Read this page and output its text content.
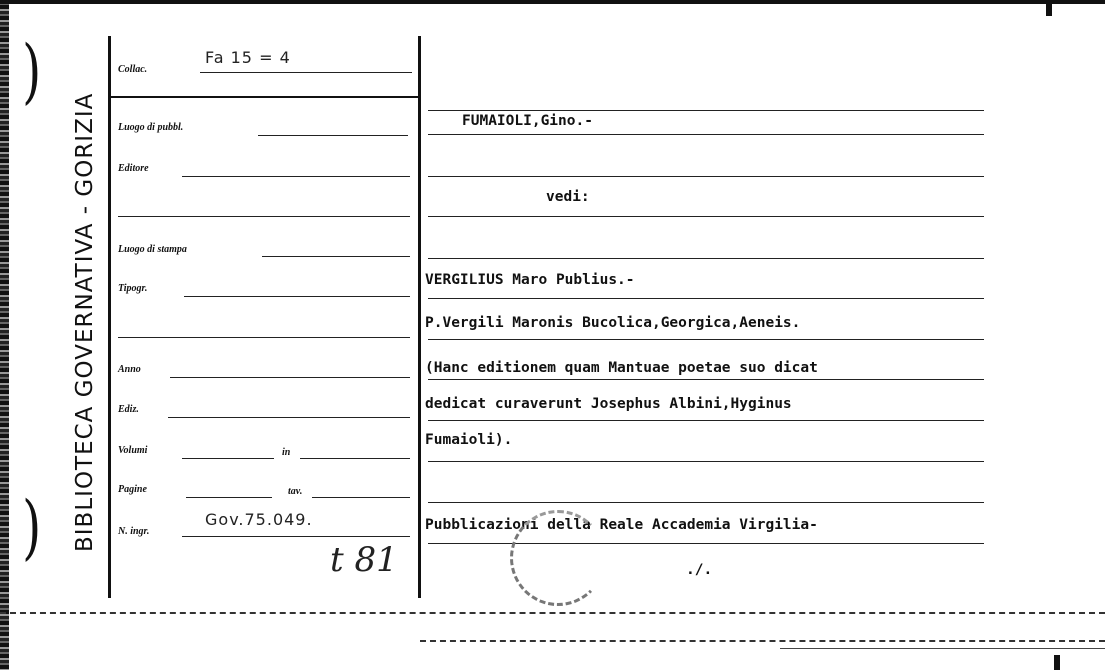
)
) BIBLIOTECA GOVERNATIVA - GORIZIA
Collac.
Fa 15 = 4
Luogo di pubbl.
Editore
Luogo di stampa
Tipogr.
Anno
Ediz.
Volumi	in
Pagine	tav.
N. ingr.
Gov.75.049.
t 81
FUMAIOLI,Gino.-
vedi:
VERGILIUS Maro Publius.-
P.Vergili Maronis Bucolica,Georgica,Aeneis.
(Hanc editionem quam Mantuae poetae suo dicat
dedicat curaverunt Josephus Albini,Hyginus
Fumaioli).
Pubblicazioni della Reale Accademia Virgilia-
./.
